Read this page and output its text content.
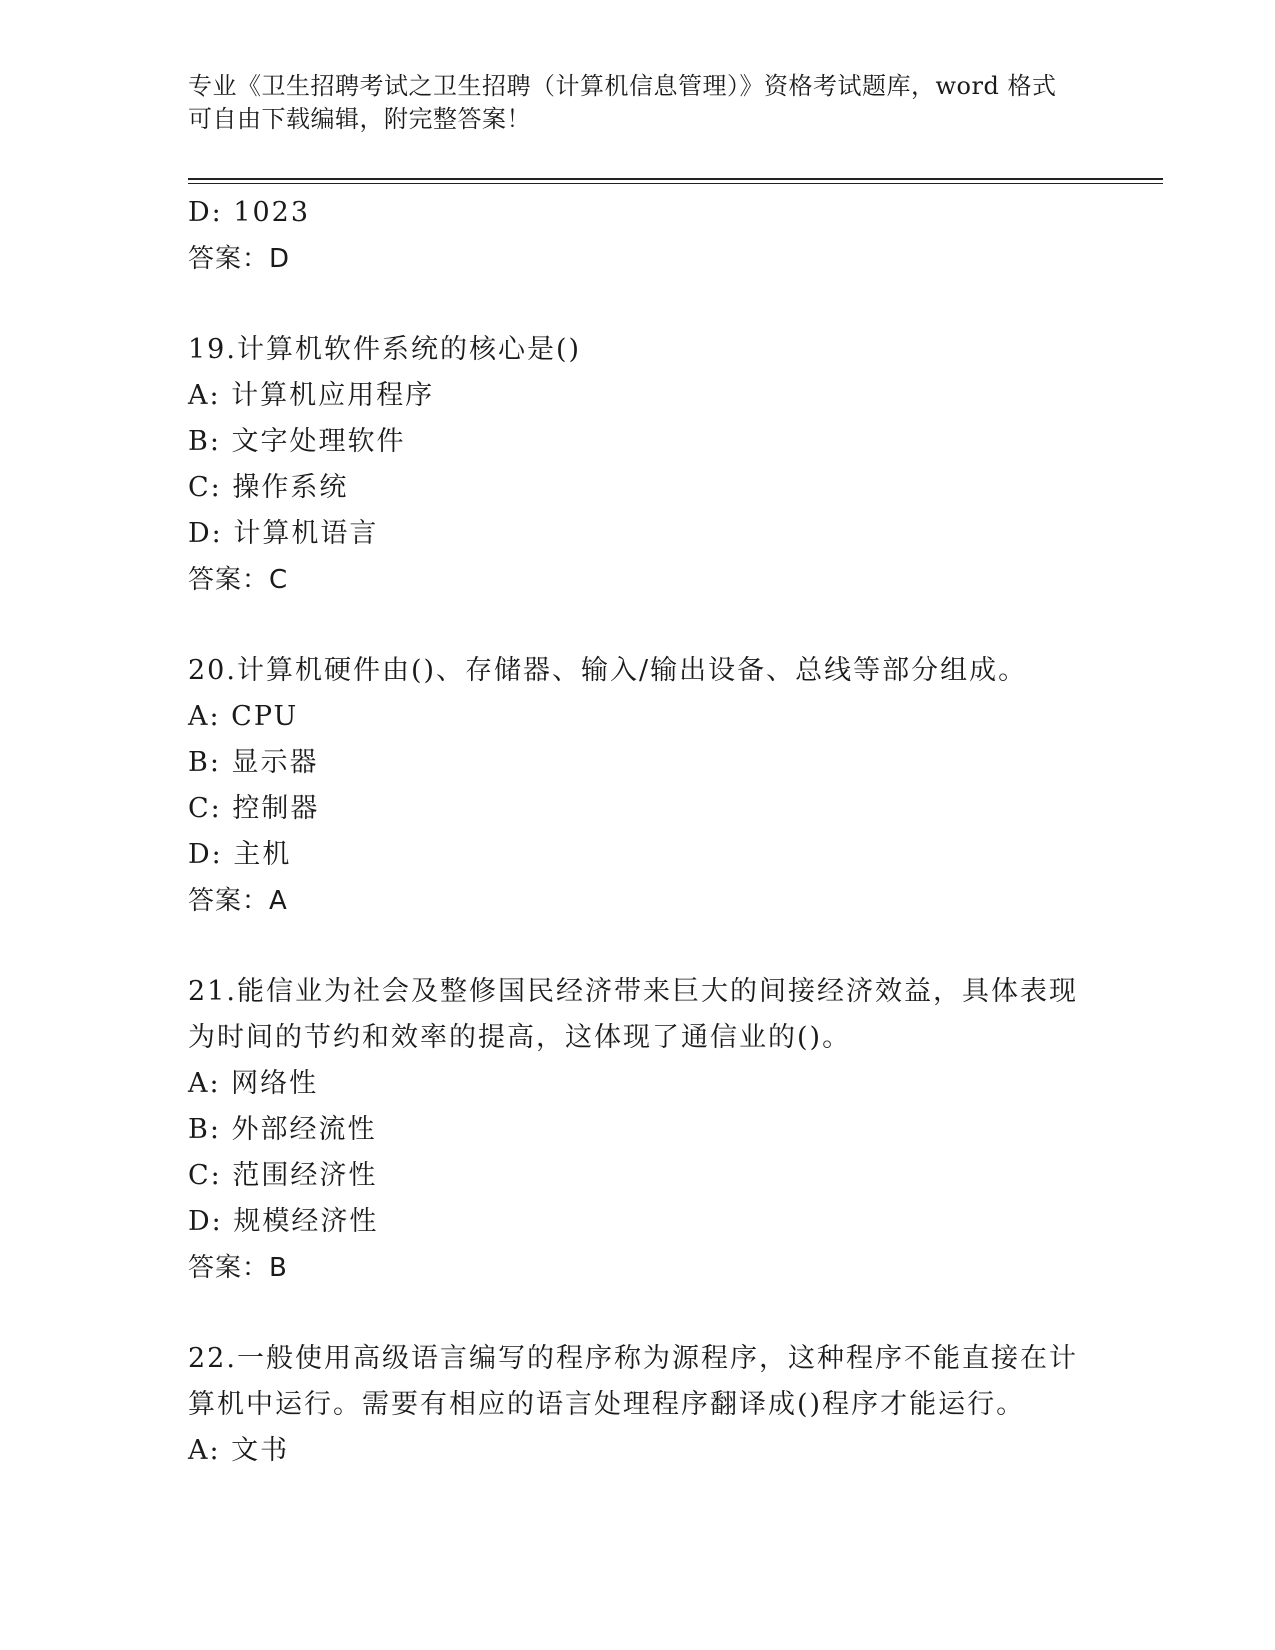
专业《卫生招聘考试之卫生招聘（计算机信息管理）》资格考试题库，word 格式
可自由下载编辑，附完整答案！
D: 1023
答案：D
19.计算机软件系统的核心是()
A: 计算机应用程序
B: 文字处理软件
C: 操作系统
D: 计算机语言
答案：C
20.计算机硬件由()、存储器、输入/输出设备、总线等部分组成。
A: CPU
B: 显示器
C: 控制器
D: 主机
答案：A
21.能信业为社会及整修国民经济带来巨大的间接经济效益，具体表现
为时间的节约和效率的提高，这体现了通信业的()。
A: 网络性
B: 外部经流性
C: 范围经济性
D: 规模经济性
答案：B
22.一般使用高级语言编写的程序称为源程序，这种程序不能直接在计
算机中运行。需要有相应的语言处理程序翻译成()程序才能运行。
A: 文书
